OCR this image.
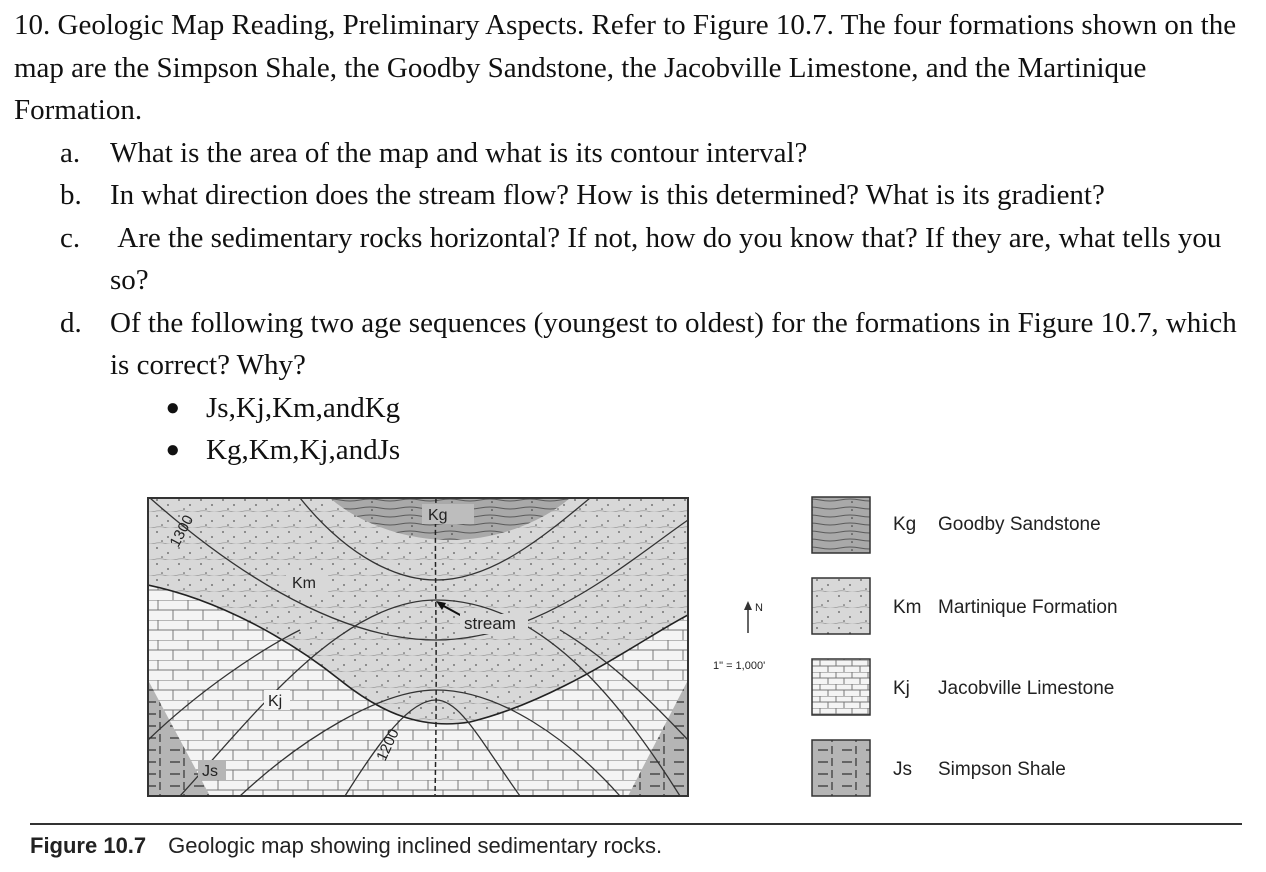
10. Geologic Map Reading, Preliminary Aspects. Refer to Figure 10.7. The four formations shown on the map are the Simpson Shale, the Goodby Sandstone, the Jacobville Limestone, and the Martinique Formation.

a.	What is the area of the map and what is its contour interval?
b. In what direction does the stream flow? How is this determined? What is its gradient?
c.	Are the sedimentary rocks horizontal? If not, how do you know that? If they are, what tells you so?
d. Of the following two age sequences (youngest to oldest) for the formations in Figure 10.7, which is correct? Why?
● Js,Kj,Km,andKg
● Kg,Km,Kj,andJs
Kg
Km
Kj
Js
stream
1300
1200
N
1" = 1,000'
Kg Goodby Sandstone
Km Martinique Formation
Kj Jacobville Limestone
Js Simpson Shale
Figure 10.7 Geologic map showing inclined sedimentary rocks.
